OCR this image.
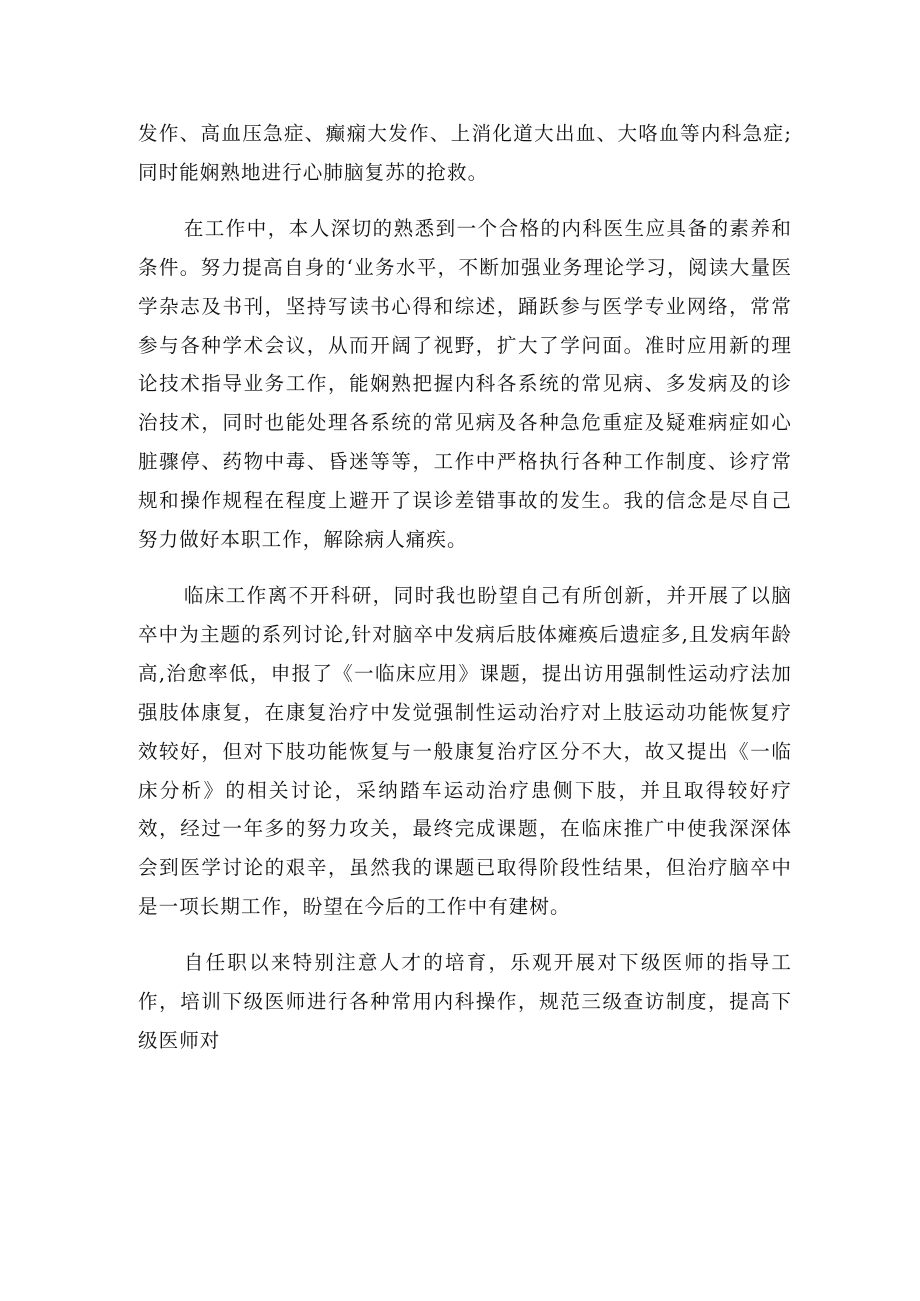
发作、高血压急症、癫痫大发作、上消化道大出血、大咯血等内科急症;同时能娴熟地进行心肺脑复苏的抢救。

在工作中，本人深切的熟悉到一个合格的内科医生应具备的素养和条件。努力提高自身的‘业务水平，不断加强业务理论学习，阅读大量医学杂志及书刊，坚持写读书心得和综述，踊跃参与医学专业网络，常常参与各种学术会议，从而开阔了视野，扩大了学问面。准时应用新的理论技术指导业务工作，能娴熟把握内科各系统的常见病、多发病及的诊治技术，同时也能处理各系统的常见病及各种急危重症及疑难病症如心脏骤停、药物中毒、昏迷等等，工作中严格执行各种工作制度、诊疗常规和操作规程在程度上避开了误诊差错事故的发生。我的信念是尽自己努力做好本职工作，解除病人痛疾。

临床工作离不开科研，同时我也盼望自己有所创新，并开展了以脑卒中为主题的系列讨论,针对脑卒中发病后肢体瘫痪后遗症多,且发病年龄高,治愈率低，申报了《一临床应用》课题，提出访用强制性运动疗法加强肢体康复，在康复治疗中发觉强制性运动治疗对上肢运动功能恢复疗效较好，但对下肢功能恢复与一般康复治疗区分不大，故又提出《一临床分析》的相关讨论，采纳踏车运动治疗患侧下肢，并且取得较好疗效，经过一年多的努力攻关，最终完成课题，在临床推广中使我深深体会到医学讨论的艰辛，虽然我的课题已取得阶段性结果，但治疗脑卒中是一项长期工作，盼望在今后的工作中有建树。

自任职以来特别注意人才的培育，乐观开展对下级医师的指导工作，培训下级医师进行各种常用内科操作，规范三级查访制度，提高下级医师对
